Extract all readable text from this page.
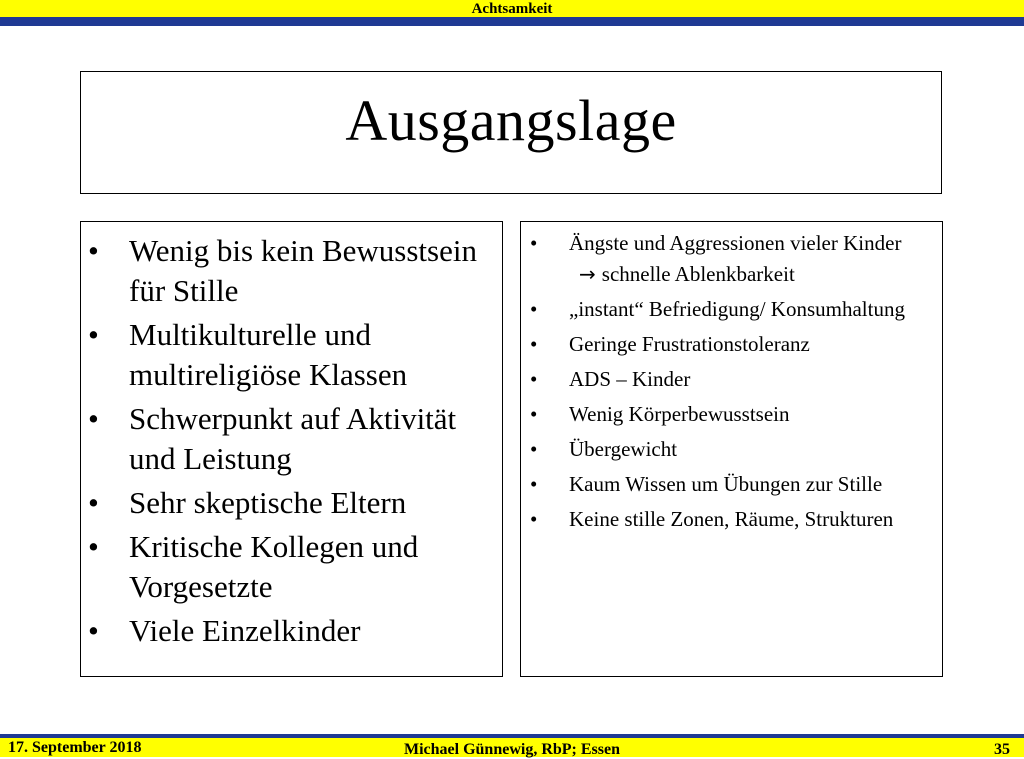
Achtsamkeit
Ausgangslage
• Wenig bis kein Bewusstsein für Stille
• Multikulturelle und multireligiöse Klassen
• Schwerpunkt auf Aktivität und Leistung
• Sehr skeptische Eltern
• Kritische Kollegen und Vorgesetzte
• Viele Einzelkinder
• Ängste und Aggressionen vieler Kinder
→ schnelle Ablenkbarkeit
• „instant“ Befriedigung/ Konsumhaltung
• Geringe Frustrationstoleranz
• ADS – Kinder
• Wenig Körperbewusstsein
• Übergewicht
• Kaum Wissen um Übungen zur Stille
• Keine stille Zonen, Räume, Strukturen
17. September 2018	Michael Günnewig, RbP; Essen	35
